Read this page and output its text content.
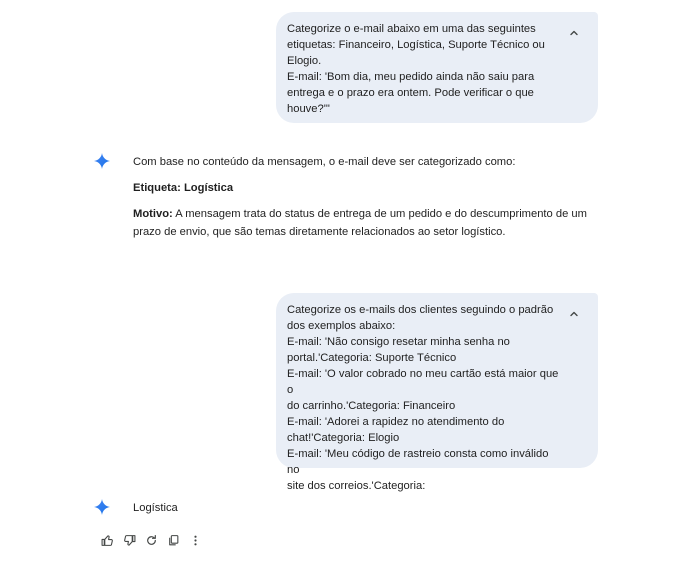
Categorize o e-mail abaixo em uma das seguintes
etiquetas: Financeiro, Logística, Suporte Técnico ou
Elogio.
E-mail: 'Bom dia, meu pedido ainda não saiu para
entrega e o prazo era ontem. Pode verificar o que
houve?'"

Com base no conteúdo da mensagem, o e-mail deve ser categorizado como:

Etiqueta: Logística

Motivo: A mensagem trata do status de entrega de um pedido e do descumprimento de um
prazo de envio, que são temas diretamente relacionados ao setor logístico.

Categorize os e-mails dos clientes seguindo o padrão
dos exemplos abaixo:
E-mail: 'Não consigo resetar minha senha no
portal.'Categoria: Suporte Técnico
E-mail: 'O valor cobrado no meu cartão está maior que o
do carrinho.'Categoria: Financeiro
E-mail: 'Adorei a rapidez no atendimento do
chat!'Categoria: Elogio
E-mail: 'Meu código de rastreio consta como inválido no
site dos correios.'Categoria:

Logística
